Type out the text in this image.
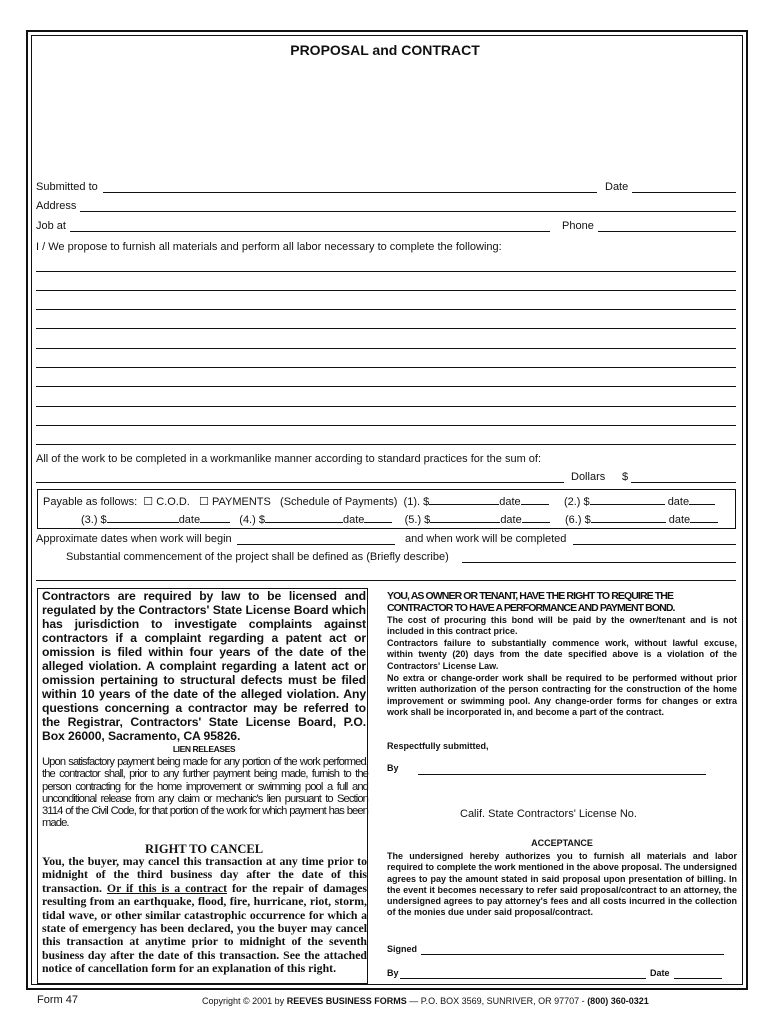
PROPOSAL and CONTRACT
Submitted to	Date
Address
Job at	Phone
I / We propose to furnish all materials and perform all labor necessary to complete the following:
All of the work to be completed in a workmanlike manner according to standard practices for the sum of:
Dollars $
Payable as follows: ☐ C.O.D. ☐ PAYMENTS (Schedule of Payments) (1). $	date	(2.) $	date
(3.) $	date	(4.) $	date	(5.) $	date	(6.) $	date
Approximate dates when work will begin	and when work will be completed
Substantial commencement of the project shall be defined as (Briefly describe)
Contractors are required by law to be licensed and regulated by the Contractors' State License Board which has jurisdiction to investigate complaints against contractors if a complaint regarding a patent act or omission is filed within four years of the date of the alleged violation. A complaint regarding a latent act or omission pertaining to structural defects must be filed within 10 years of the date of the alleged violation. Any questions concerning a contractor may be referred to the Registrar, Contractors' State License Board, P.O. Box 26000, Sacramento, CA 95826.
LIEN RELEASES
Upon satisfactory payment being made for any portion of the work performed, the contractor shall, prior to any further payment being made, furnish to the person contracting for the home improvement or swimming pool a full and unconditional release from any claim or mechanic's lien pursuant to Section 3114 of the Civil Code, for that portion of the work for which payment has been made.
RIGHT TO CANCEL
You, the buyer, may cancel this transaction at any time prior to midnight of the third business day after the date of this transaction. Or if this is a contract for the repair of damages resulting from an earthquake, flood, fire, hurricane, riot, storm, tidal wave, or other similar catastrophic occurrence for which a state of emergency has been declared, you the buyer may cancel this transaction at anytime prior to midnight of the seventh business day after the date of this transaction. See the attached notice of cancellation form for an explanation of this right.
YOU, AS OWNER OR TENANT, HAVE THE RIGHT TO REQUIRE THE CONTRACTOR TO HAVE A PERFORMANCE AND PAYMENT BOND.
The cost of procuring this bond will be paid by the owner/tenant and is not included in this contract price.
Contractors failure to substantially commence work, without lawful excuse, within twenty (20) days from the date specified above is a violation of the Contractors' License Law.
No extra or change-order work shall be required to be performed without prior written authorization of the person contracting for the construction of the home improvement or swimming pool. Any change-order forms for changes or extra work shall be incorporated in, and become a part of the contract.
Respectfully submitted,
By
Calif. State Contractors' License No.
ACCEPTANCE
The undersigned hereby authorizes you to furnish all materials and labor required to complete the work mentioned in the above proposal. The undersigned agrees to pay the amount stated in said proposal upon presentation of billing. In the event it becomes necessary to refer said proposal/contract to an attorney, the undersigned agrees to pay attorney's fees and all costs incurred in the collection of the monies due under said proposal/contract.
Signed
By	Date
Form 47	Copyright © 2001 by REEVES BUSINESS FORMS — P.O. BOX 3569, SUNRIVER, OR 97707 - (800) 360-0321
